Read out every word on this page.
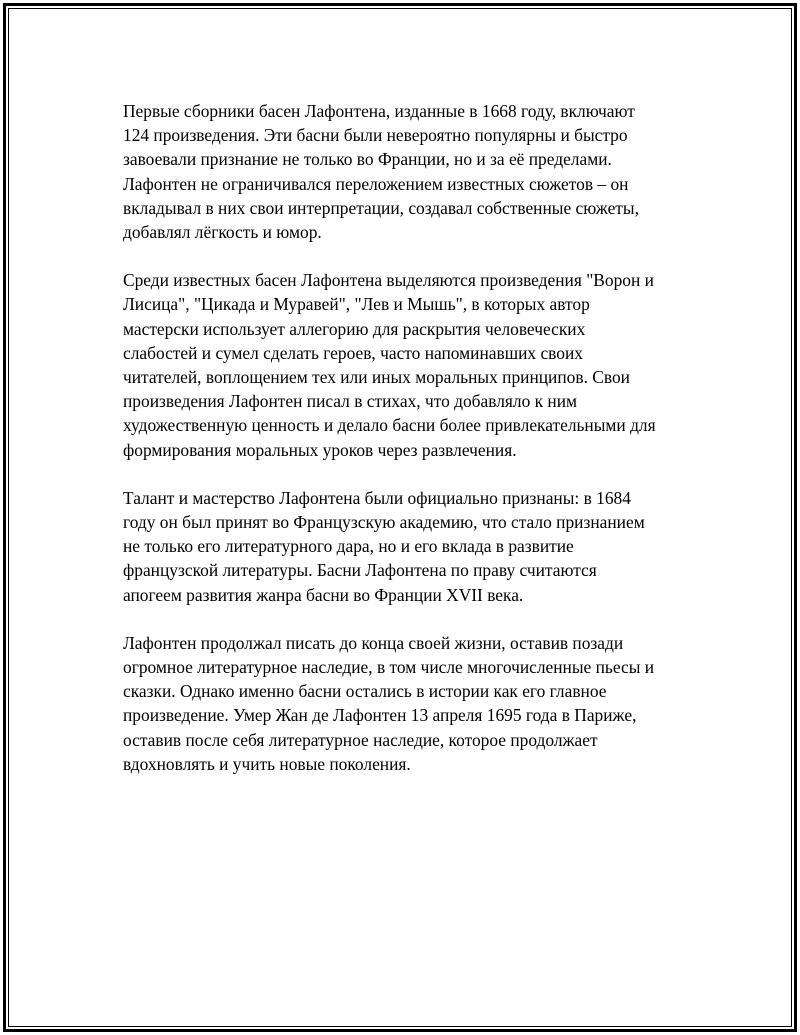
Первые сборники басен Лафонтена, изданные в 1668 году, включают
124 произведения. Эти басни были невероятно популярны и быстро
завоевали признание не только во Франции, но и за её пределами.
Лафонтен не ограничивался переложением известных сюжетов – он
вкладывал в них свои интерпретации, создавал собственные сюжеты,
добавлял лёгкость и юмор.

Среди известных басен Лафонтена выделяются произведения "Ворон и
Лисица", "Цикада и Муравей", "Лев и Мышь", в которых автор
мастерски использует аллегорию для раскрытия человеческих
слабостей и сумел сделать героев, часто напоминавших своих
читателей, воплощением тех или иных моральных принципов. Свои
произведения Лафонтен писал в стихах, что добавляло к ним
художественную ценность и делало басни более привлекательными для
формирования моральных уроков через развлечения.

Талант и мастерство Лафонтена были официально признаны: в 1684
году он был принят во Французскую академию, что стало признанием
не только его литературного дара, но и его вклада в развитие
французской литературы. Басни Лафонтена по праву считаются
апогеем развития жанра басни во Франции XVII века.

Лафонтен продолжал писать до конца своей жизни, оставив позади
огромное литературное наследие, в том числе многочисленные пьесы и
сказки. Однако именно басни остались в истории как его главное
произведение. Умер Жан де Лафонтен 13 апреля 1695 года в Париже,
оставив после себя литературное наследие, которое продолжает
вдохновлять и учить новые поколения.
